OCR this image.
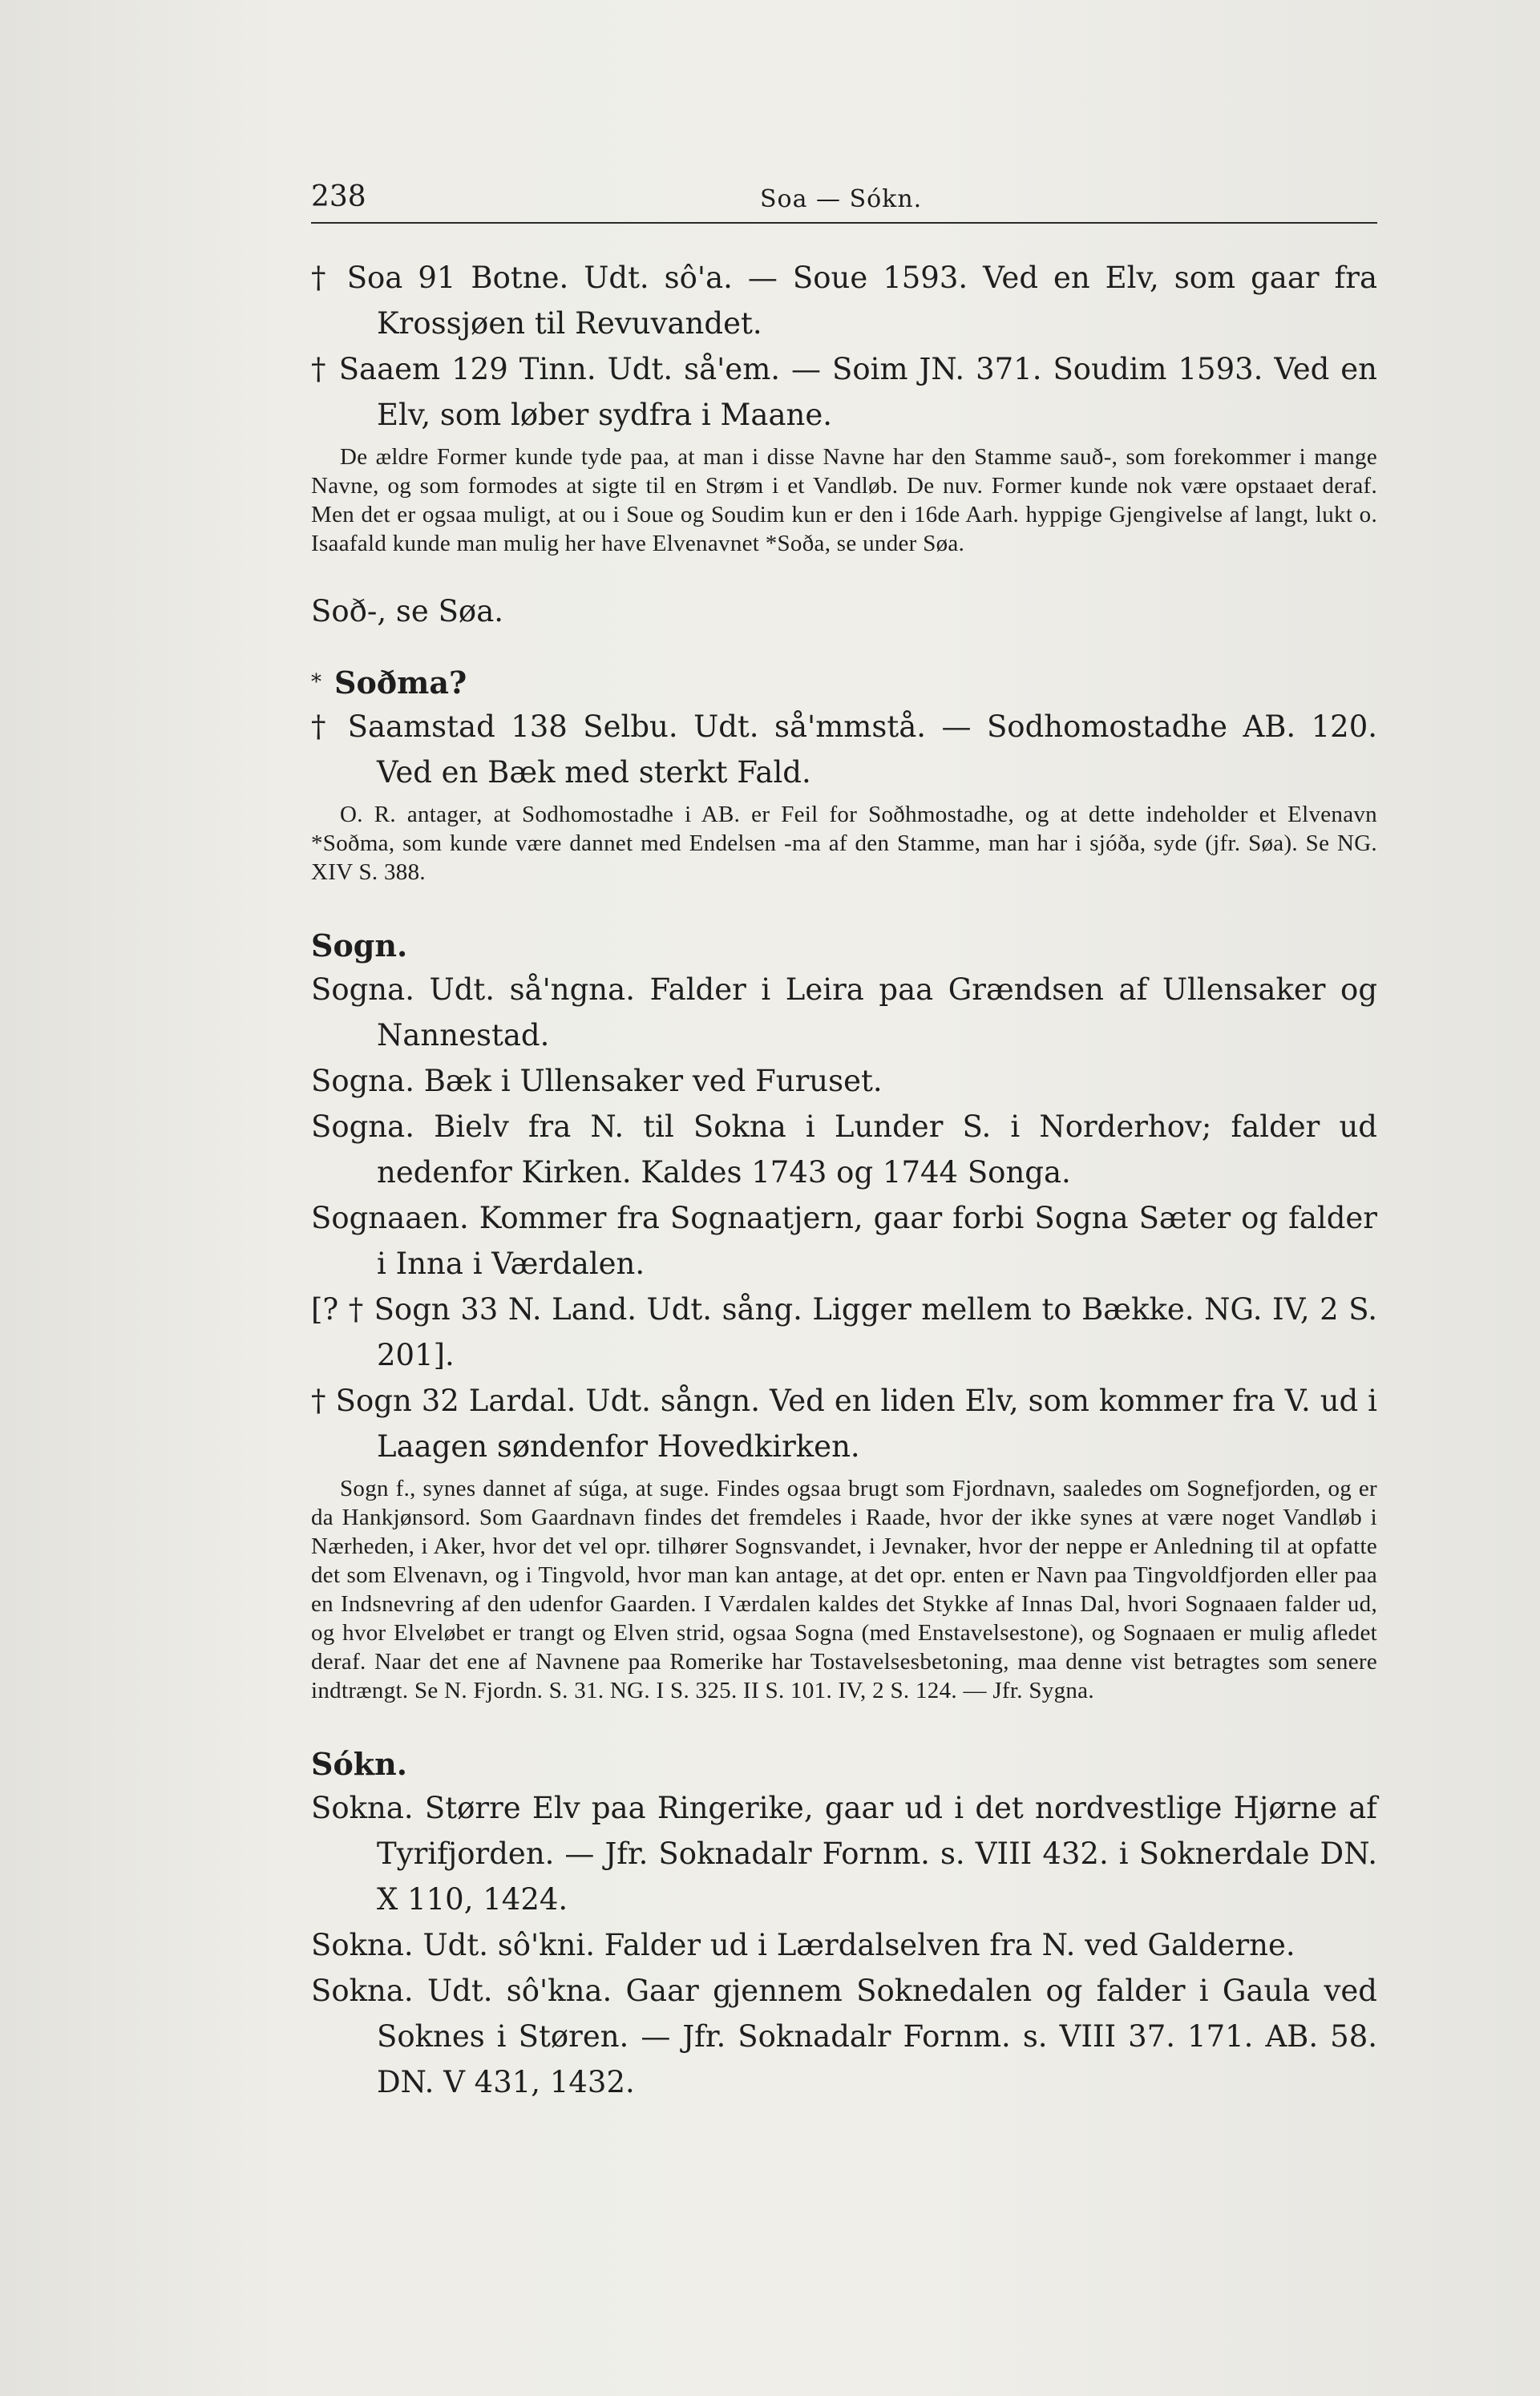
238	Soa — Sókn.

† Soa 91 Botne. Udt. sô'a. — Soue 1593. Ved en Elv, som gaar fra Krossjøen til Revuvandet.

† Saaem 129 Tinn. Udt. så'em. — Soim JN. 371. Soudim 1593. Ved en Elv, som løber sydfra i Maane.

De ældre Former kunde tyde paa, at man i disse Navne har den Stamme sauð-, som forekommer i mange Navne, og som formodes at sigte til en Strøm i et Vandløb. De nuv. Former kunde nok være opstaaet deraf. Men det er ogsaa muligt, at ou i Soue og Soudim kun er den i 16de Aarh. hyppige Gjengivelse af langt, lukt o. Isaafald kunde man mulig her have Elvenavnet *Soða, se under Søa.

Soð-, se Søa.

* Soðma?

† Saamstad 138 Selbu. Udt. så'mmstå. — Sodhomostadhe AB. 120. Ved en Bæk med sterkt Fald.

O. R. antager, at Sodhomostadhe i AB. er Feil for Soðhmostadhe, og at dette indeholder et Elvenavn *Soðma, som kunde være dannet med Endelsen -ma af den Stamme, man har i sjóða, syde (jfr. Søa). Se NG. XIV S. 388.

Sogn.

Sogna. Udt. så'ngna. Falder i Leira paa Grændsen af Ullensaker og Nannestad.

Sogna. Bæk i Ullensaker ved Furuset.

Sogna. Bielv fra N. til Sokna i Lunder S. i Norderhov; falder ud nedenfor Kirken. Kaldes 1743 og 1744 Songa.

Sognaaen. Kommer fra Sognaatjern, gaar forbi Sogna Sæter og falder i Inna i Værdalen.

[? † Sogn 33 N. Land. Udt. sång. Ligger mellem to Bække. NG. IV, 2 S. 201].

† Sogn 32 Lardal. Udt. sångn. Ved en liden Elv, som kommer fra V. ud i Laagen søndenfor Hovedkirken.

Sogn f., synes dannet af súga, at suge. Findes ogsaa brugt som Fjordnavn, saaledes om Sognefjorden, og er da Hankjønsord. Som Gaardnavn findes det fremdeles i Raade, hvor der ikke synes at være noget Vandløb i Nærheden, i Aker, hvor det vel opr. tilhører Sognsvandet, i Jevnaker, hvor der neppe er Anledning til at opfatte det som Elvenavn, og i Tingvold, hvor man kan antage, at det opr. enten er Navn paa Tingvoldfjorden eller paa en Indsnevring af den udenfor Gaarden. I Værdalen kaldes det Stykke af Innas Dal, hvori Sognaaen falder ud, og hvor Elveløbet er trangt og Elven strid, ogsaa Sogna (med Enstavelsestone), og Sognaaen er mulig afledet deraf. Naar det ene af Navnene paa Romerike har Tostavelsesbetoning, maa denne vist betragtes som senere indtrængt. Se N. Fjordn. S. 31. NG. I S. 325. II S. 101. IV, 2 S. 124. — Jfr. Sygna.

Sókn.

Sokna. Større Elv paa Ringerike, gaar ud i det nordvestlige Hjørne af Tyrifjorden. — Jfr. Soknadalr Fornm. s. VIII 432. i Soknerdale DN. X 110, 1424.

Sokna. Udt. sô'kni. Falder ud i Lærdalselven fra N. ved Galderne.

Sokna. Udt. sô'kna. Gaar gjennem Soknedalen og falder i Gaula ved Soknes i Støren. — Jfr. Soknadalr Fornm. s. VIII 37. 171. AB. 58. DN. V 431, 1432.
